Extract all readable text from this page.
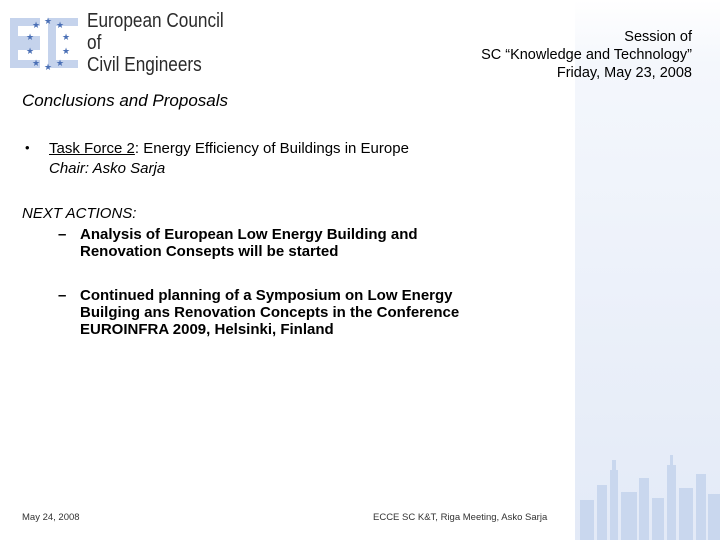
★ ★ ★
★	★
★	★
★ ★ ★
European Council
of
Civil Engineers
Session of
SC “Knowledge and Technology”
Friday, May 23, 2008
Conclusions and Proposals
• Task Force 2: Energy Efficiency of Buildings in Europe
Chair: Asko Sarja
NEXT ACTIONS:
– Analysis of European Low Energy Building and
Renovation Consepts will be started
– Continued planning of a Symposium on Low Energy
Builging ans Renovation Concepts in the Conference
EUROINFRA 2009, Helsinki, Finland
May 24, 2008	ECCE SC K&T, Riga Meeting, Asko Sarja
